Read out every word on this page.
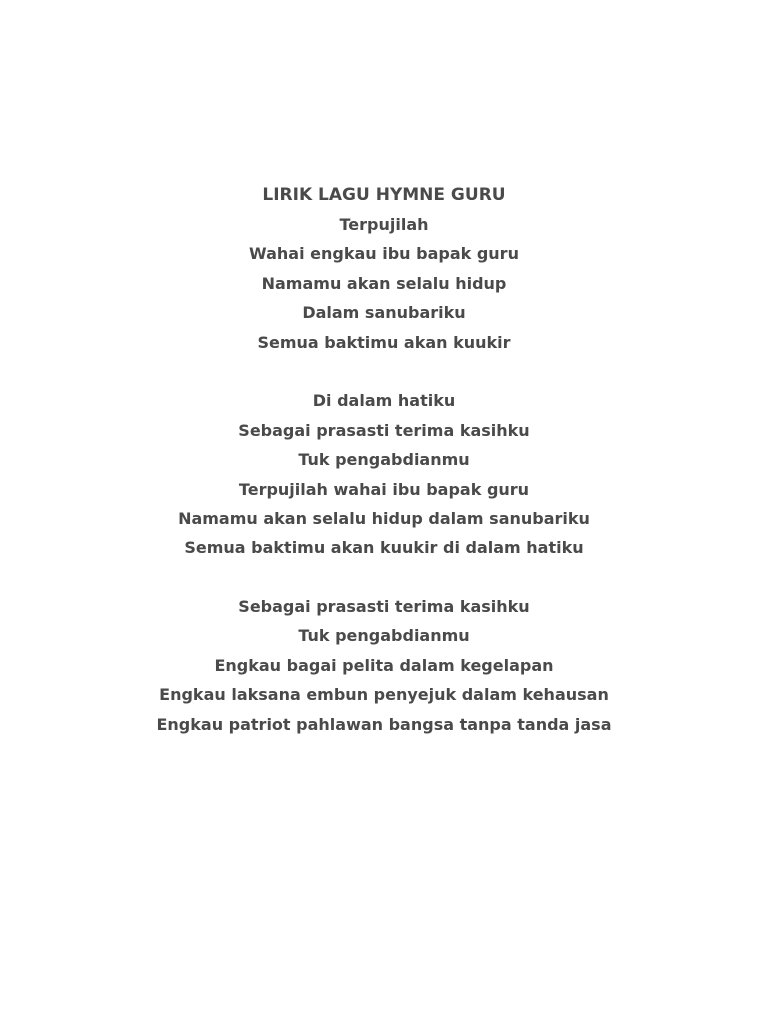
LIRIK LAGU HYMNE GURU
Terpujilah
Wahai engkau ibu bapak guru
Namamu akan selalu hidup
Dalam sanubariku
Semua baktimu akan kuukir
Di dalam hatiku
Sebagai prasasti terima kasihku
Tuk pengabdianmu
Terpujilah wahai ibu bapak guru
Namamu akan selalu hidup dalam sanubariku
Semua baktimu akan kuukir di dalam hatiku
Sebagai prasasti terima kasihku
Tuk pengabdianmu
Engkau bagai pelita dalam kegelapan
Engkau laksana embun penyejuk dalam kehausan
Engkau patriot pahlawan bangsa tanpa tanda jasa
